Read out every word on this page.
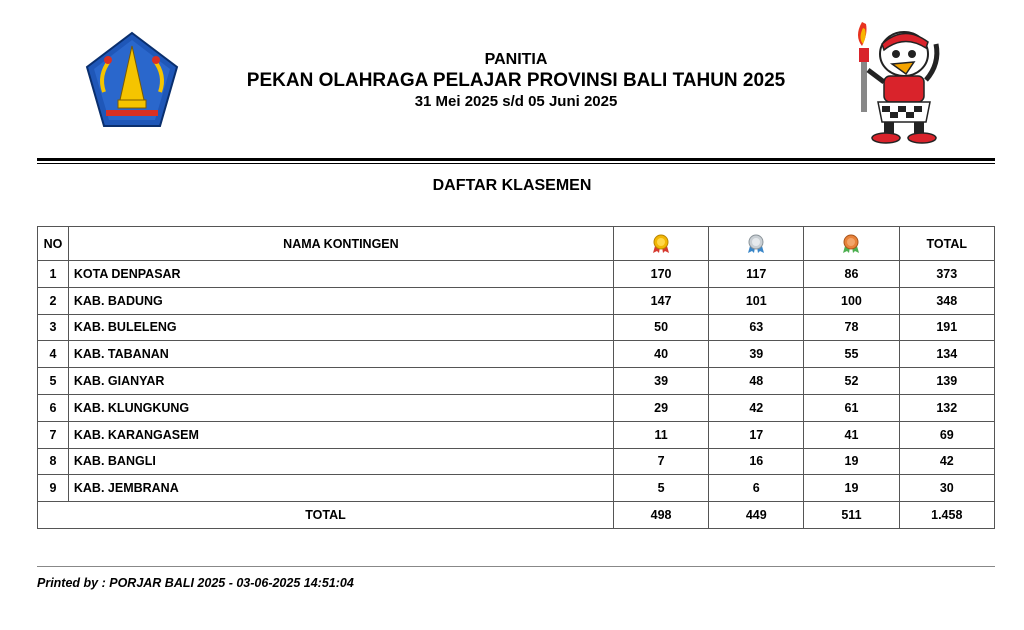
PANITIA
PEKAN OLAHRAGA PELAJAR PROVINSI BALI TAHUN 2025
31 Mei 2025 s/d 05 Juni 2025
DAFTAR KLASEMEN
NO	NAMA KONTINGEN				TOTAL
1	KOTA DENPASAR	170	117	86	373
2	KAB. BADUNG	147	101	100	348
3	KAB. BULELENG	50	63	78	191
4	KAB. TABANAN	40	39	55	134
5	KAB. GIANYAR	39	48	52	139
6	KAB. KLUNGKUNG	29	42	61	132
7	KAB. KARANGASEM	11	17	41	69
8	KAB. BANGLI	7	16	19	42
9	KAB. JEMBRANA	5	6	19	30
TOTAL		498	449	511	1.458
Printed by : PORJAR BALI 2025 - 03-06-2025 14:51:04
